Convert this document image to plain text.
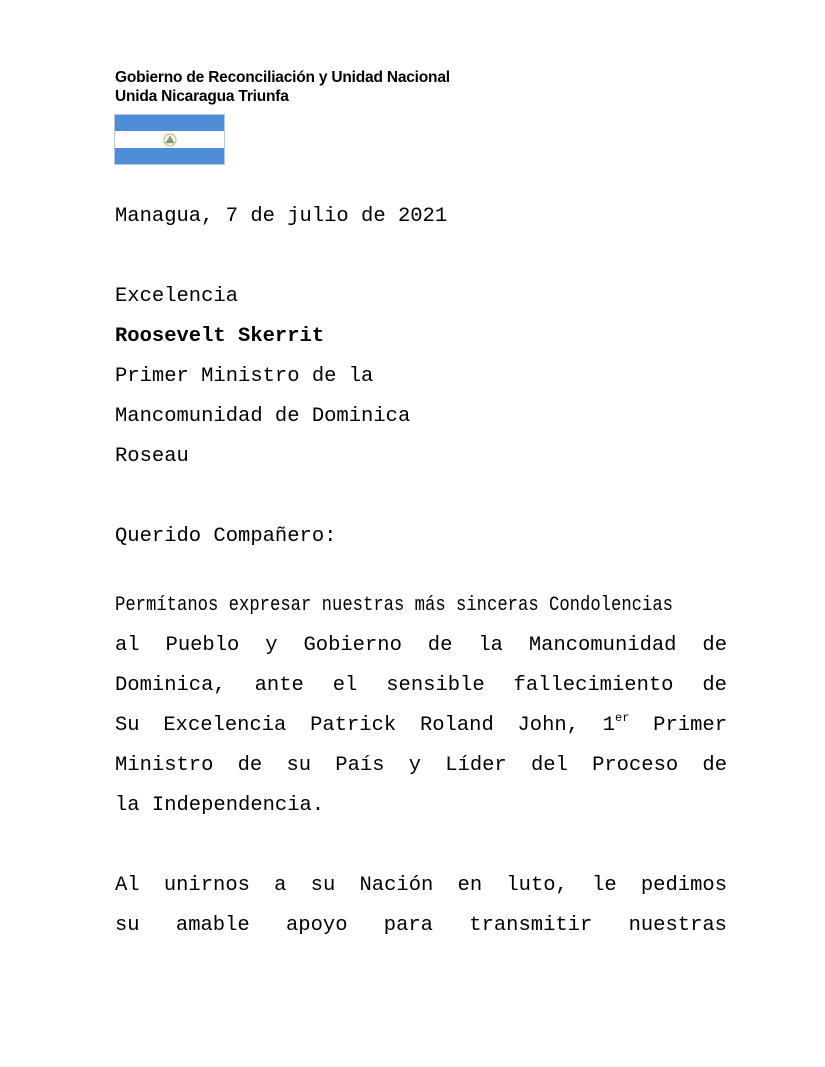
Gobierno de Reconciliación y Unidad Nacional
Unida Nicaragua Triunfa
Managua, 7 de julio de 2021
Excelencia
Roosevelt Skerrit
Primer Ministro de la
Mancomunidad de Dominica
Roseau
Querido Compañero:
Permítanos expresar nuestras más sinceras Condolencias
al Pueblo y Gobierno de la Mancomunidad de
Dominica, ante el sensible fallecimiento de
Su Excelencia Patrick Roland John, 1er Primer
Ministro de su País y Líder del Proceso de
la Independencia.
Al unirnos a su Nación en luto, le pedimos
su amable apoyo para transmitir nuestras
